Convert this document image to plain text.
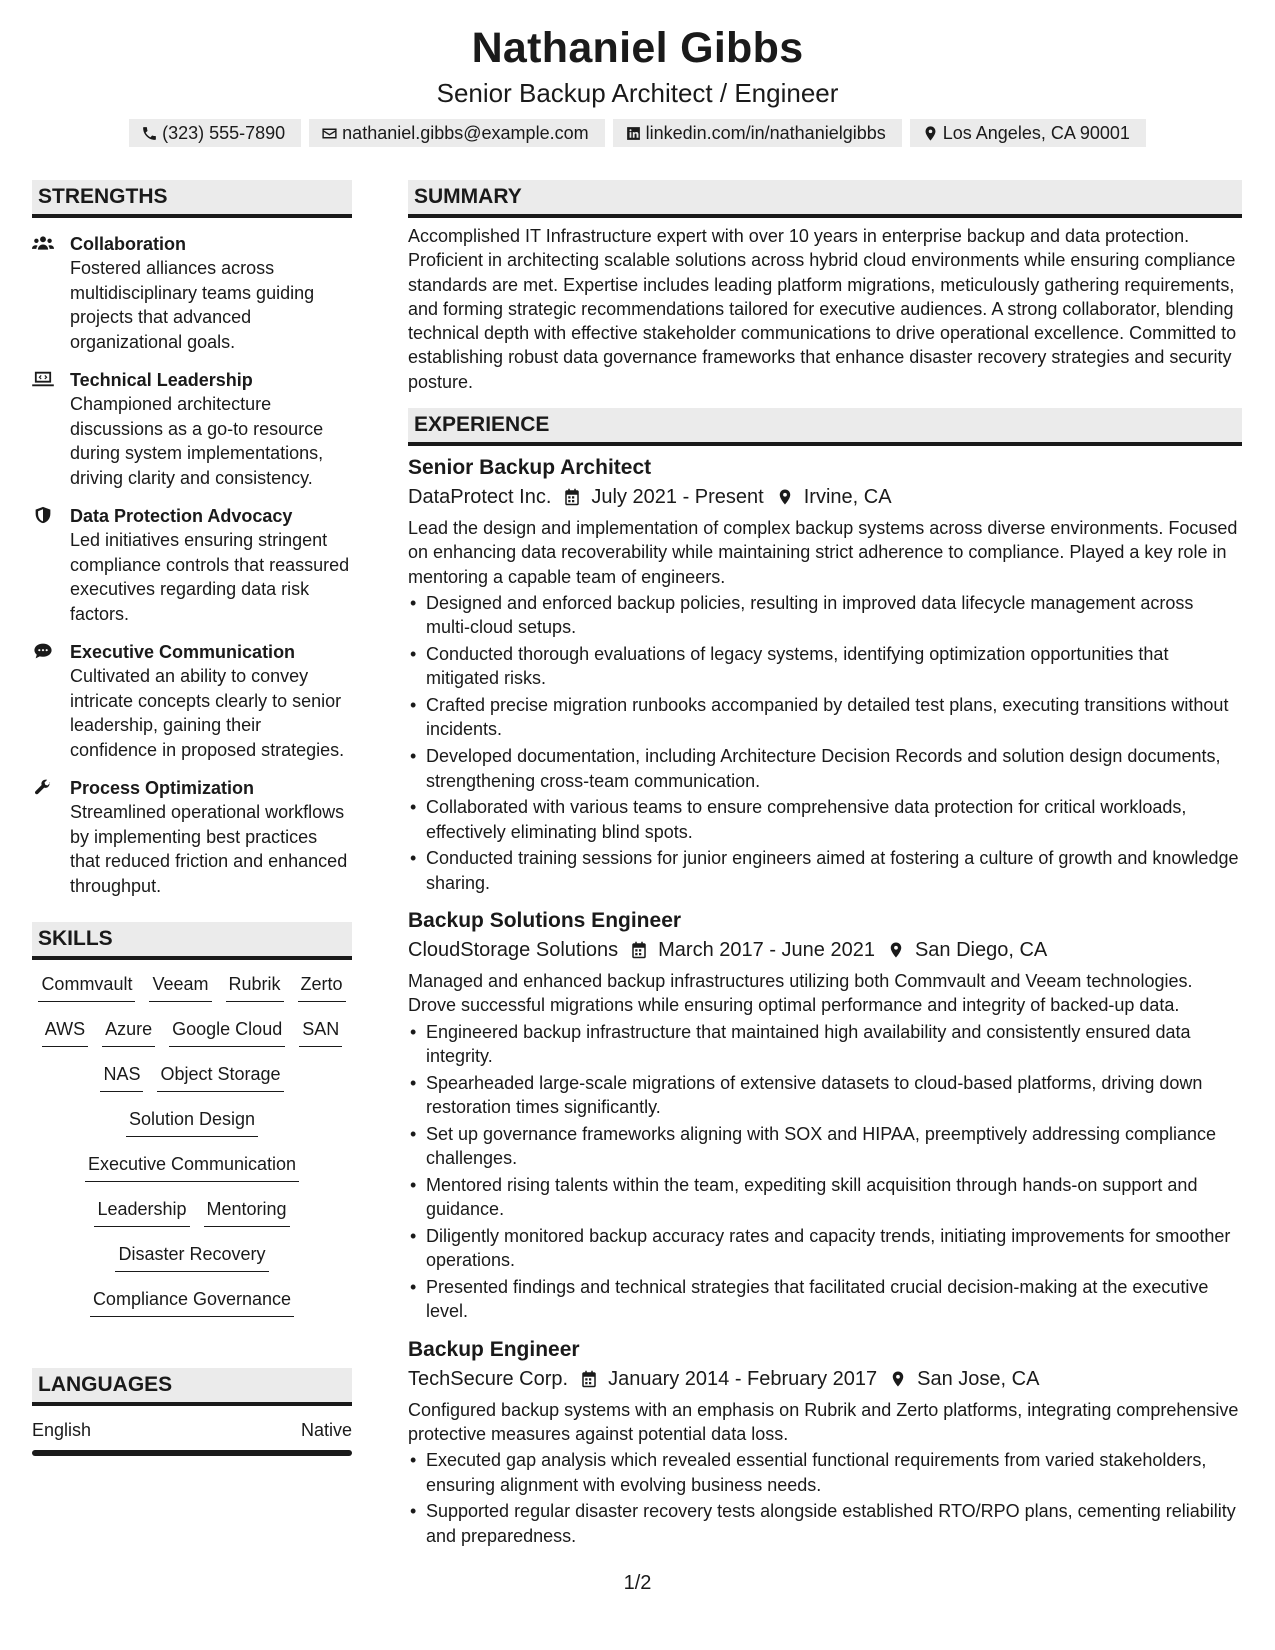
Nathaniel Gibbs
Senior Backup Architect / Engineer
(323) 555-7890	nathaniel.gibbs@example.com	linkedin.com/in/nathanielgibbs	Los Angeles, CA 90001
STRENGTHS
Collaboration
Fostered alliances across multidisciplinary teams guiding projects that advanced organizational goals.
Technical Leadership
Championed architecture discussions as a go-to resource during system implementations, driving clarity and consistency.
Data Protection Advocacy
Led initiatives ensuring stringent compliance controls that reassured executives regarding data risk factors.
Executive Communication
Cultivated an ability to convey intricate concepts clearly to senior leadership, gaining their confidence in proposed strategies.
Process Optimization
Streamlined operational workflows by implementing best practices that reduced friction and enhanced throughput.
SKILLS
Commvault Veeam Rubrik Zerto
AWS Azure Google Cloud SAN
NAS Object Storage
Solution Design
Executive Communication
Leadership Mentoring
Disaster Recovery
Compliance Governance
LANGUAGES
English	Native
SUMMARY
Accomplished IT Infrastructure expert with over 10 years in enterprise backup and data protection. Proficient in architecting scalable solutions across hybrid cloud environments while ensuring compliance standards are met. Expertise includes leading platform migrations, meticulously gathering requirements, and forming strategic recommendations tailored for executive audiences. A strong collaborator, blending technical depth with effective stakeholder communications to drive operational excellence. Committed to establishing robust data governance frameworks that enhance disaster recovery strategies and security posture.
EXPERIENCE
Senior Backup Architect
DataProtect Inc. July 2021 - Present Irvine, CA
Lead the design and implementation of complex backup systems across diverse environments. Focused on enhancing data recoverability while maintaining strict adherence to compliance. Played a key role in mentoring a capable team of engineers.
• Designed and enforced backup policies, resulting in improved data lifecycle management across multi-cloud setups.
• Conducted thorough evaluations of legacy systems, identifying optimization opportunities that mitigated risks.
• Crafted precise migration runbooks accompanied by detailed test plans, executing transitions without incidents.
• Developed documentation, including Architecture Decision Records and solution design documents, strengthening cross-team communication.
• Collaborated with various teams to ensure comprehensive data protection for critical workloads, effectively eliminating blind spots.
• Conducted training sessions for junior engineers aimed at fostering a culture of growth and knowledge sharing.
Backup Solutions Engineer
CloudStorage Solutions March 2017 - June 2021 San Diego, CA
Managed and enhanced backup infrastructures utilizing both Commvault and Veeam technologies. Drove successful migrations while ensuring optimal performance and integrity of backed-up data.
• Engineered backup infrastructure that maintained high availability and consistently ensured data integrity.
• Spearheaded large-scale migrations of extensive datasets to cloud-based platforms, driving down restoration times significantly.
• Set up governance frameworks aligning with SOX and HIPAA, preemptively addressing compliance challenges.
• Mentored rising talents within the team, expediting skill acquisition through hands-on support and guidance.
• Diligently monitored backup accuracy rates and capacity trends, initiating improvements for smoother operations.
• Presented findings and technical strategies that facilitated crucial decision-making at the executive level.
Backup Engineer
TechSecure Corp. January 2014 - February 2017 San Jose, CA
Configured backup systems with an emphasis on Rubrik and Zerto platforms, integrating comprehensive protective measures against potential data loss.
• Executed gap analysis which revealed essential functional requirements from varied stakeholders, ensuring alignment with evolving business needs.
• Supported regular disaster recovery tests alongside established RTO/RPO plans, cementing reliability and preparedness.
1/2
